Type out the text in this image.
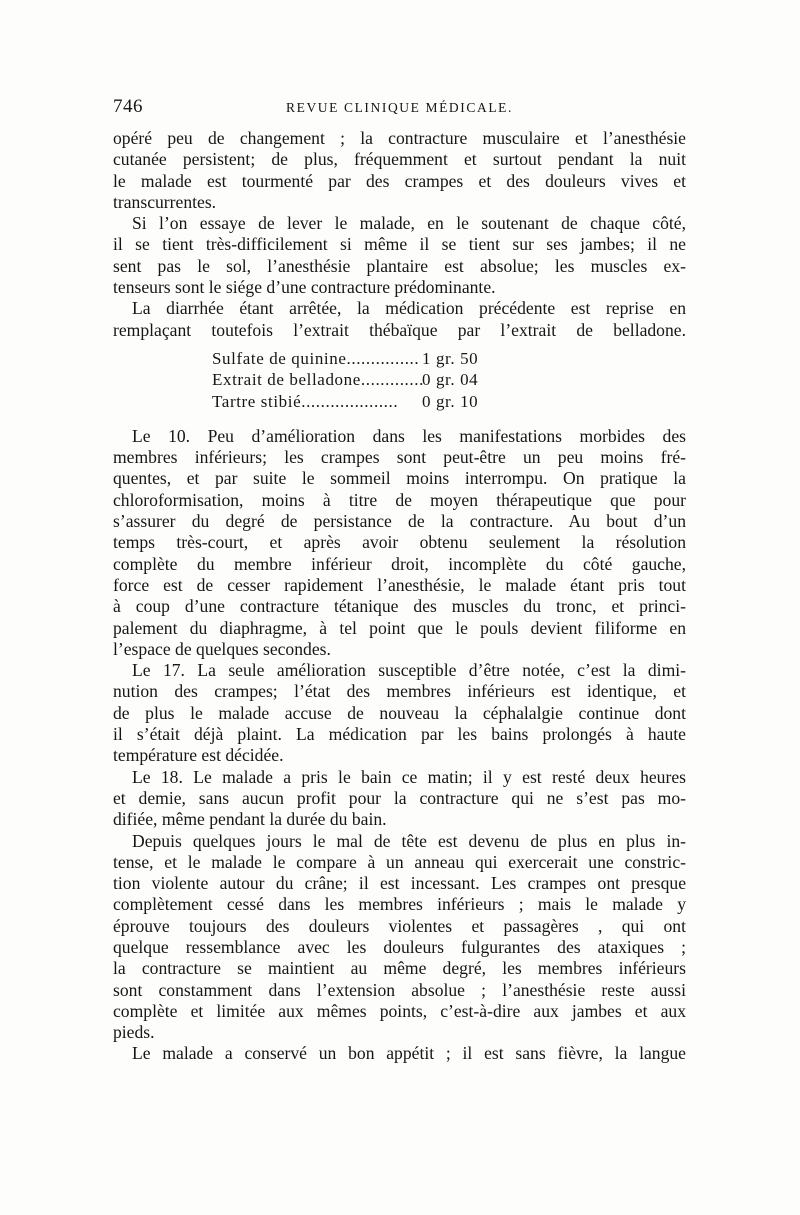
746	REVUE CLINIQUE MÉDICALE.
opéré peu de changement ; la contracture musculaire et l’anesthésie
cutanée persistent; de plus, fréquemment et surtout pendant la nuit
le malade est tourmenté par des crampes et des douleurs vives et
transcurrentes.
Si l’on essaye de lever le malade, en le soutenant de chaque côté,
il se tient très-difficilement si même il se tient sur ses jambes; il ne
sent pas le sol, l’anesthésie plantaire est absolue; les muscles ex-
tenseurs sont le siége d’une contracture prédominante.
La diarrhée étant arrêtée, la médication précédente est reprise en
remplaçant toutefois l’extrait thébaïque par l’extrait de belladone.
Sulfate de quinine............... 1 gr. 50
Extrait de belladone.............
0 gr. 04
Tartre stibié.................... 0 gr. 10
Le 10. Peu d’amélioration dans les manifestations morbides des
membres inférieurs; les crampes sont peut-être un peu moins fré-
quentes, et par suite le sommeil moins interrompu. On pratique la
chloroformisation, moins à titre de moyen thérapeutique que pour
s’assurer du degré de persistance de la contracture. Au bout d’un
temps très-court, et après avoir obtenu seulement la résolution
complète du membre inférieur droit, incomplète du côté gauche,
force est de cesser rapidement l’anesthésie, le malade étant pris tout
à coup d’une contracture tétanique des muscles du tronc, et princi-
palement du diaphragme, à tel point que le pouls devient filiforme en
l’espace de quelques secondes.
Le 17. La seule amélioration susceptible d’être notée, c’est la dimi-
nution des crampes; l’état des membres inférieurs est identique, et
de plus le malade accuse de nouveau la céphalalgie continue dont
il s’était déjà plaint. La médication par les bains prolongés à haute
température est décidée.
Le 18. Le malade a pris le bain ce matin; il y est resté deux heures
et demie, sans aucun profit pour la contracture qui ne s’est pas mo-
difiée, même pendant la durée du bain.
Depuis quelques jours le mal de tête est devenu de plus en plus in-
tense, et le malade le compare à un anneau qui exercerait une constric-
tion violente autour du crâne; il est incessant. Les crampes ont presque
complètement cessé dans les membres inférieurs ; mais le malade y
éprouve toujours des douleurs violentes et passagères , qui ont
quelque ressemblance avec les douleurs fulgurantes des ataxiques ;
la contracture se maintient au même degré, les membres inférieurs
sont constamment dans l’extension absolue ; l’anesthésie reste aussi
complète et limitée aux mêmes points, c’est-à-dire aux jambes et aux
pieds.
Le malade a conservé un bon appétit ; il est sans fièvre, la langue
